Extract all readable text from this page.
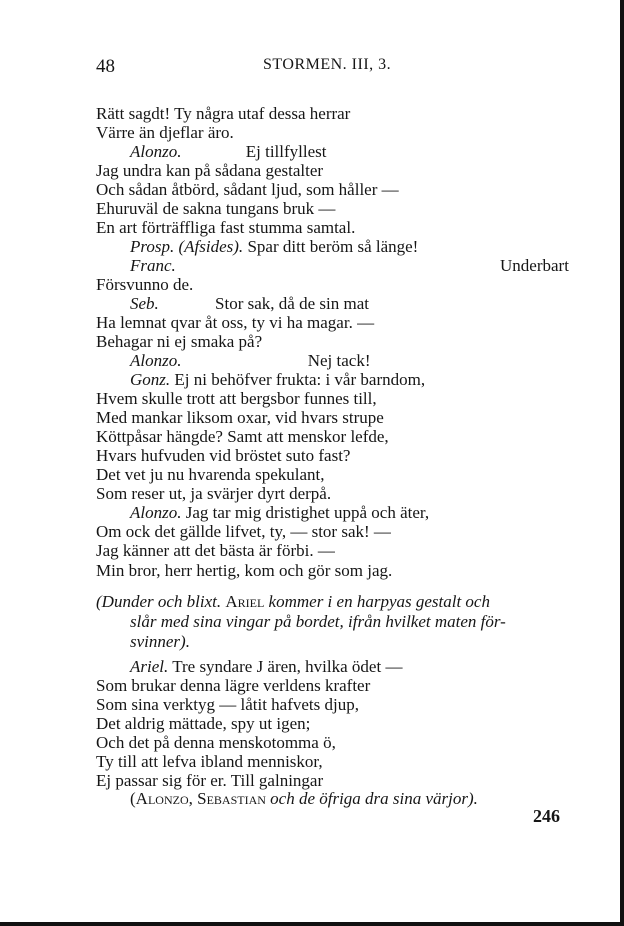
48	STORMEN. III, 3.
Rätt sagdt! Ty några utaf dessa herrar
Värre än djeflar äro.
Alonzo.	Ej tillfyllest
Jag undra kan på sådana gestalter
Och sådan åtbörd, sådant ljud, som håller —
Ehuruväl de sakna tungans bruk —
En art förträffliga fast stumma samtal.
Prosp. (Afsides). Spar ditt beröm så länge!
Franc.	Underbart
Försvunno de.
Seb.	Stor sak, då de sin mat
Ha lemnat qvar åt oss, ty vi ha magar. —
Behagar ni ej smaka på?
Alonzo.	Nej tack!
Gonz. Ej ni behöfver frukta: i vår barndom,
Hvem skulle trott att bergsbor funnes till,
Med mankar liksom oxar, vid hvars strupe
Köttpåsar hängde? Samt att menskor lefde,
Hvars hufvuden vid bröstet suto fast?
Det vet ju nu hvarenda spekulant,
Som reser ut, ja svärjer dyrt derpå.
Alonzo. Jag tar mig dristighet uppå och äter,
Om ock det gällde lifvet, ty, — stor sak! —
Jag känner att det bästa är förbi. —
Min bror, herr hertig, kom och gör som jag.
(Dunder och blixt. Ariel kommer i en harpyas gestalt och
slår med sina vingar på bordet, ifrån hvilket maten för-
svinner).
Ariel. Tre syndare J ären, hvilka ödet —
Som brukar denna lägre verldens krafter
Som sina verktyg — låtit hafvets djup,
Det aldrig mättade, spy ut igen;
Och det på denna menskotomma ö,
Ty till att lefva ibland menniskor,
Ej passar sig för er. Till galningar
(Alonzo, Sebastian och de öfriga dra sina värjor).
246
